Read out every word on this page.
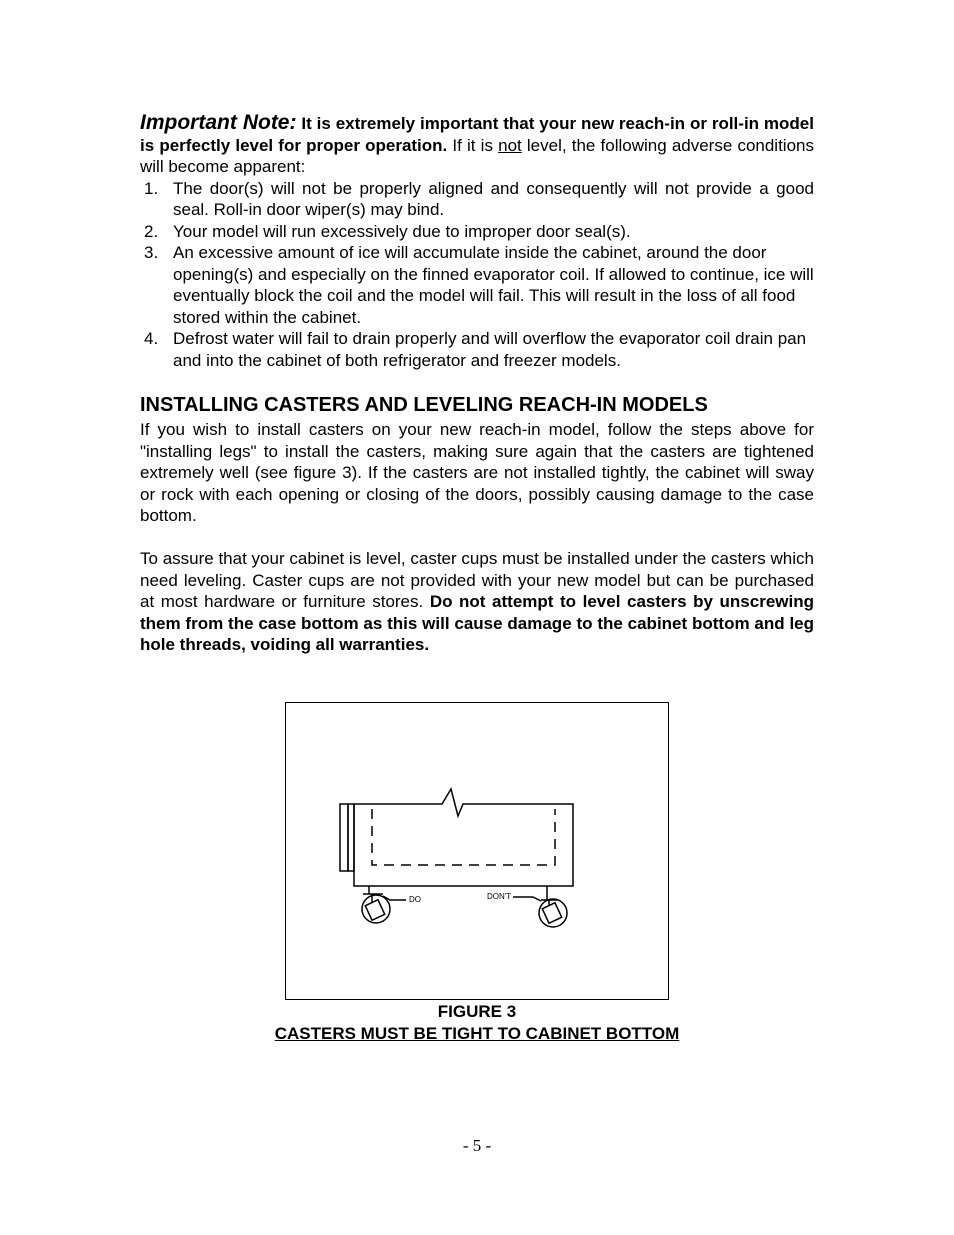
Important Note: It is extremely important that your new reach-in or roll-in model is perfectly level for proper operation. If it is not level, the following adverse conditions will become apparent:

1. The door(s) will not be properly aligned and consequently will not provide a good seal. Roll-in door wiper(s) may bind.
2. Your model will run excessively due to improper door seal(s).
3. An excessive amount of ice will accumulate inside the cabinet, around the door opening(s) and especially on the finned evaporator coil. If allowed to continue, ice will eventually block the coil and the model will fail. This will result in the loss of all food stored within the cabinet.
4. Defrost water will fail to drain properly and will overflow the evaporator coil drain pan and into the cabinet of both refrigerator and freezer models.
INSTALLING CASTERS AND LEVELING REACH-IN MODELS

If you wish to install casters on your new reach-in model, follow the steps above for "installing legs" to install the casters, making sure again that the casters are tightened extremely well (see figure 3). If the casters are not installed tightly, the cabinet will sway or rock with each opening or closing of the doors, possibly causing damage to the case bottom.

To assure that your cabinet is level, caster cups must be installed under the casters which need leveling. Caster cups are not provided with your new model but can be purchased at most hardware or furniture stores. Do not attempt to level casters by unscrewing them from the case bottom as this will cause damage to the cabinet bottom and leg hole threads, voiding all warranties.

DO	DON'T
FIGURE 3
CASTERS MUST BE TIGHT TO CABINET BOTTOM
- 5 -
